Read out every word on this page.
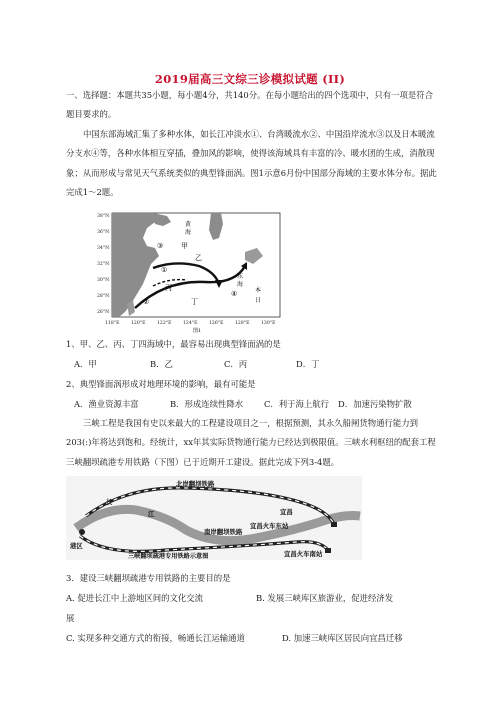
2019届高三文综三诊模拟试题 (II)

一、选择题：本题共35小题，每小题4分，共140分。在每小题给出的四个选项中，只有一项是符合题目要求的。

中国东部海域汇集了多种水体，如长江冲淡水①、台湾暖流水②、中国沿岸流水③以及日本暖流分支水④等，各种水体相互穿插，叠加风的影响，使得该海域具有丰富的冷、暖水团的生成，消散现象；从而形成与常见天气系统类似的典型锋面涡。图1示意6月份中国部分海域的主要水体分布。据此完成1～2题。

①
②
③
④
甲
乙
丙
丁
黄
海
东
海
本
日
38°N
36°N
34°N
32°N
30°N
28°N
26°N
118°E	120°E	122°E	124°E	126°E	128°E	130°E
图1
1、甲、乙、丙、丁四海域中，最容易出现典型锋面涡的是
A．甲	B．乙	C．丙	D．丁
2、典型锋面涡形成对地理环境的影响，最有可能是
A．渔业资源丰富	B．形成连续性降水 C．利于海上航行 D．加速污染物扩散

三峡工程是我国有史以来最大的工程建设项目之一，根据预测，其永久船闸货物通行能力到203(:)年将达到饱和。经统计，xx年其实际货物通行能力已经达到极限值。三峡水利枢纽的配套工程三峡翻坝疏港专用铁路（下图）已于近期开工建设。据此完成下列3-4题。

北岸翻坝铁路
南岸翻坝铁路
长
江	宜昌
宜昌火车东站
宜昌火车南站
港区
三峡翻坝疏港专用铁路示意图
3．建设三峡翻坝疏港专用铁路的主要目的是
A. 促进长江中上游地区间的文化交流	B. 发展三峡库区旅游业，促进经济发
展
C. 实现多种交通方式的衔接，畅通长江运输通道	D. 加速三峡库区居民向宜昌迁移
